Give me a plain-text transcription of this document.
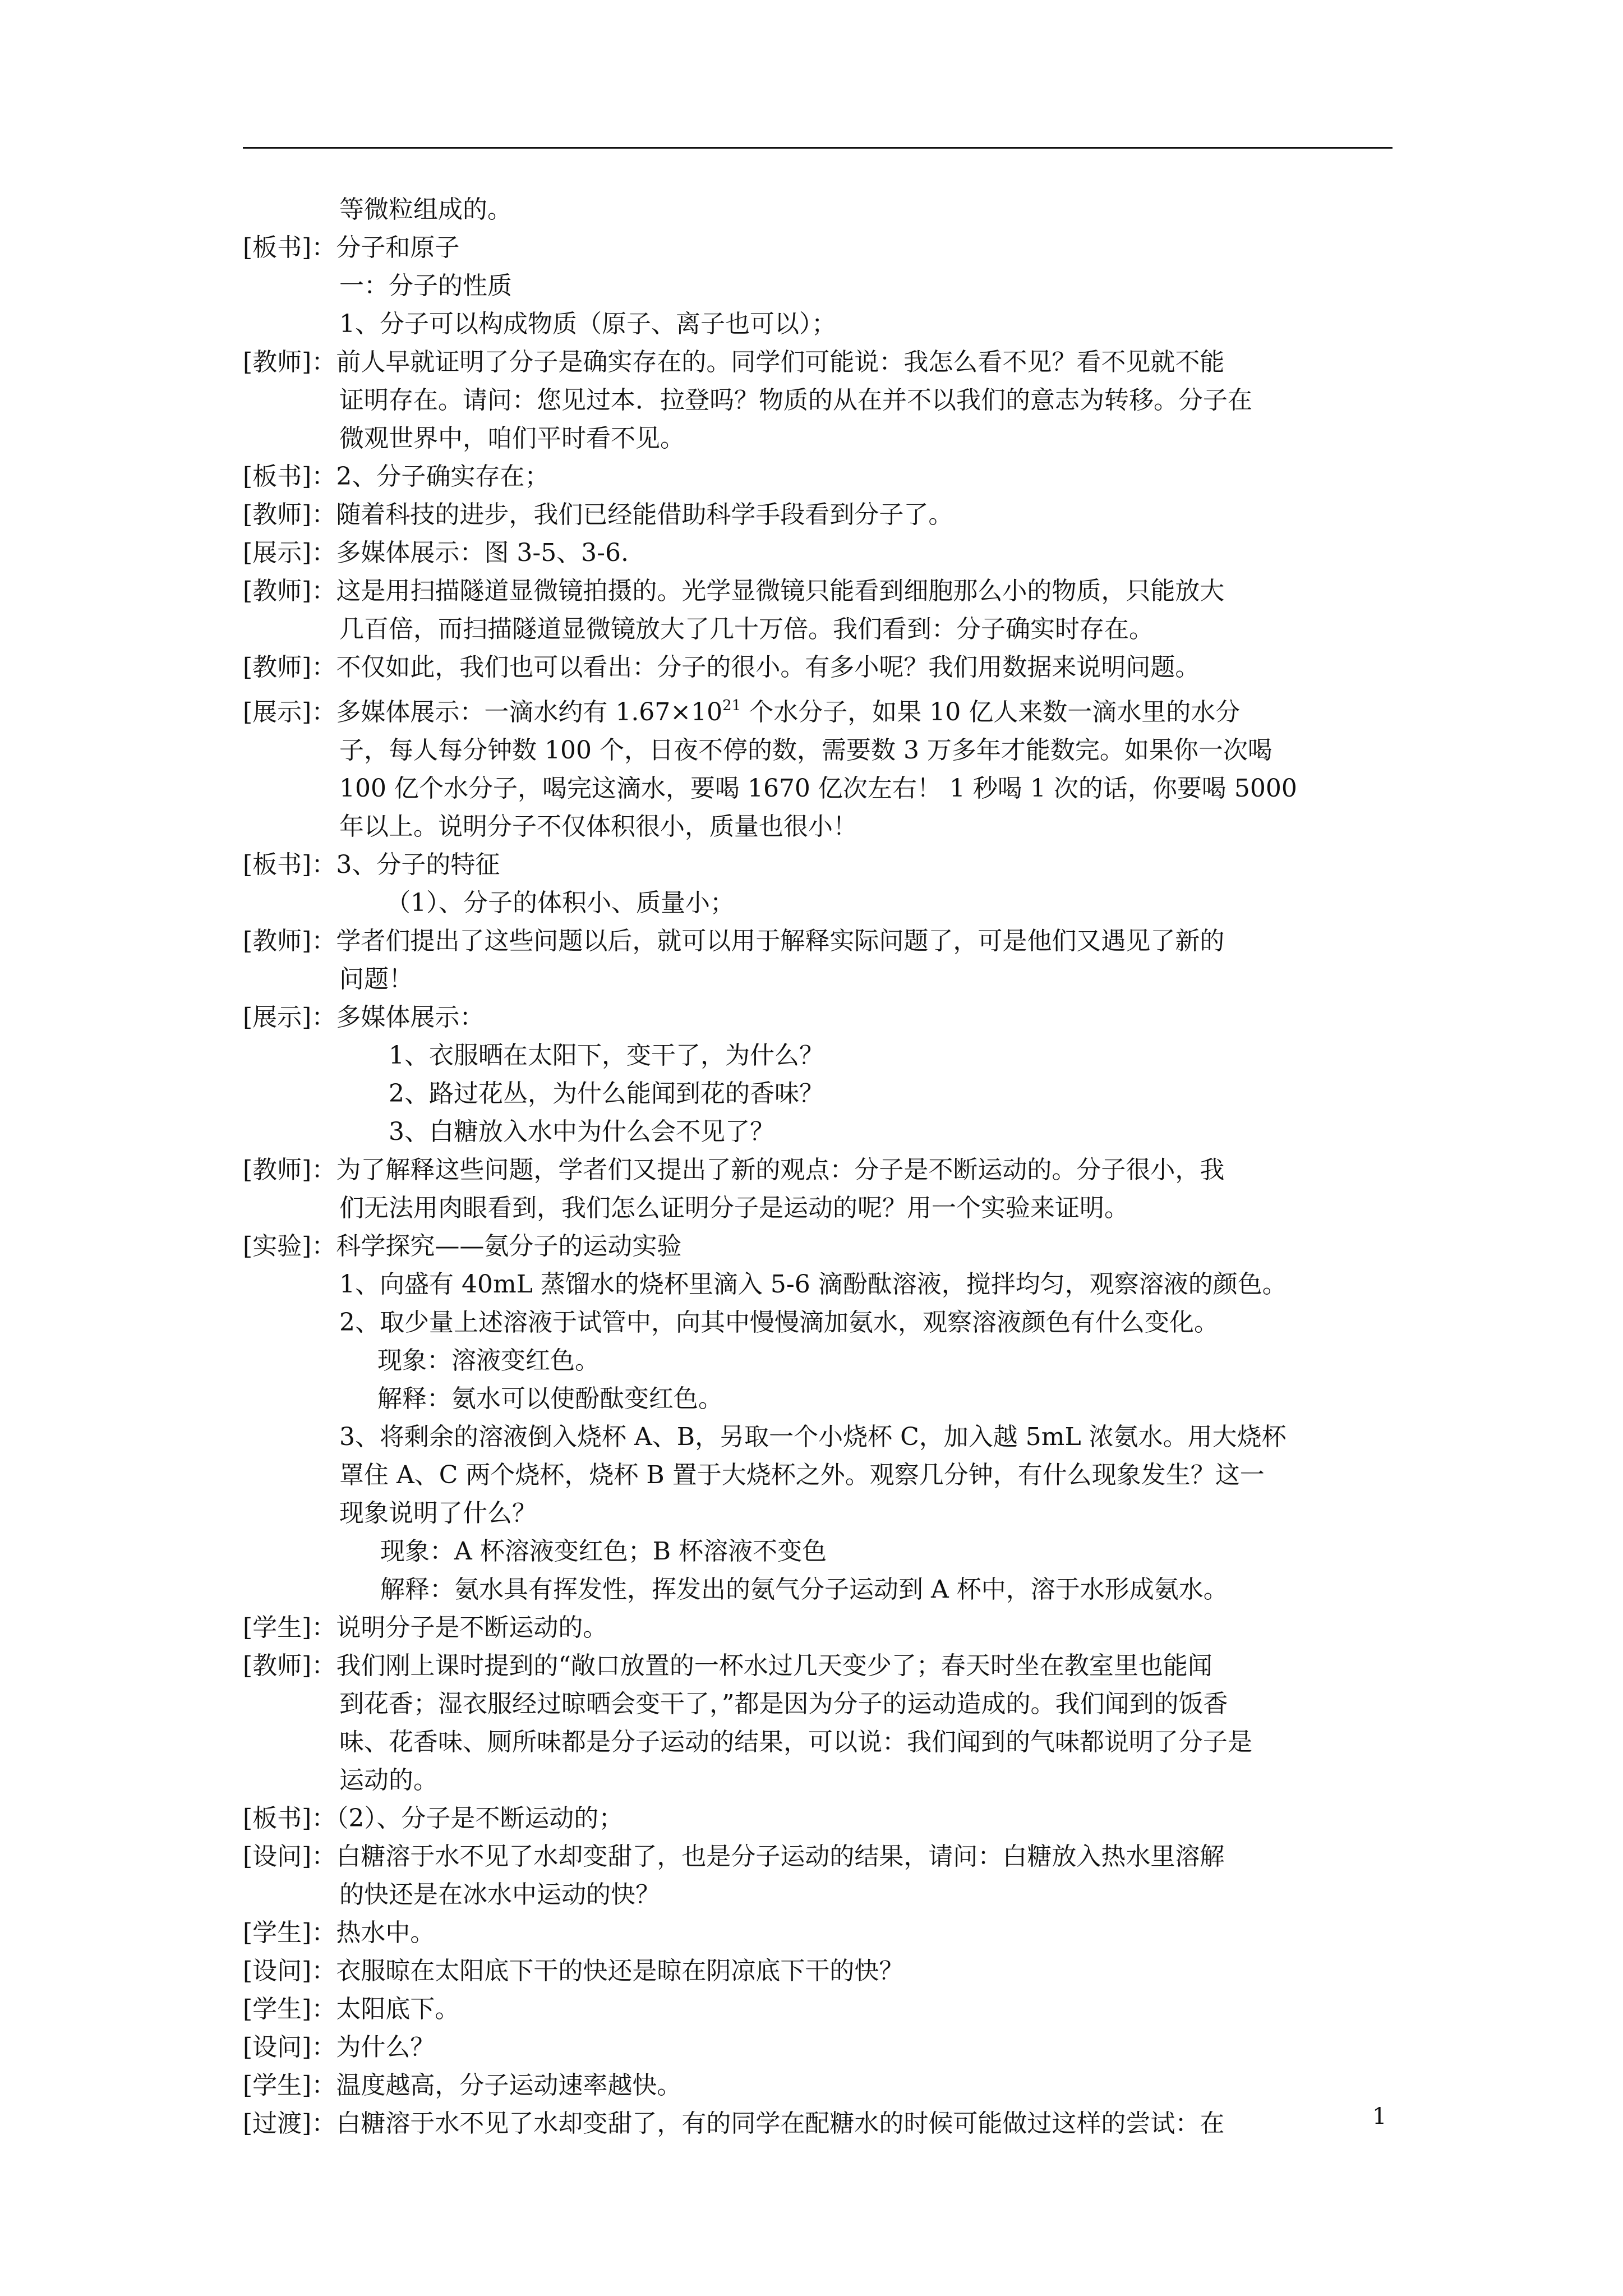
等微粒组成的。
[板书]：分子和原子
一：分子的性质
1、分子可以构成物质（原子、离子也可以）；
[教师]：前人早就证明了分子是确实存在的。同学们可能说：我怎么看不见？看不见就不能
证明存在。请问：您见过本．拉登吗？物质的从在并不以我们的意志为转移。分子在
微观世界中，咱们平时看不见。
[板书]：2、分子确实存在；
[教师]：随着科技的进步，我们已经能借助科学手段看到分子了。
[展示]：多媒体展示：图 3-5、3-6.
[教师]：这是用扫描隧道显微镜拍摄的。光学显微镜只能看到细胞那么小的物质，只能放大
几百倍，而扫描隧道显微镜放大了几十万倍。我们看到：分子确实时存在。
[教师]：不仅如此，我们也可以看出：分子的很小。有多小呢？我们用数据来说明问题。
[展示]：多媒体展示：一滴水约有 $1.67\times 10^{21}$ 个水分子，如果 10 亿人来数一滴水里的水分
子，每人每分钟数 100 个，日夜不停的数，需要数 3 万多年才能数完。如果你一次喝
100 亿个水分子，喝完这滴水，要喝 1670 亿次左右！ 1 秒喝 1 次的话，你要喝 5000
年以上。说明分子不仅体积很小，质量也很小！
[板书]：3、分子的特征
（1）、分子的体积小、质量小；
[教师]：学者们提出了这些问题以后，就可以用于解释实际问题了，可是他们又遇见了新的
问题！
[展示]：多媒体展示：
1、衣服晒在太阳下，变干了，为什么？
2、路过花丛，为什么能闻到花的香味？
3、白糖放入水中为什么会不见了？
[教师]：为了解释这些问题，学者们又提出了新的观点：分子是不断运动的。分子很小，我
们无法用肉眼看到，我们怎么证明分子是运动的呢？用一个实验来证明。
[实验]：科学探究——氨分子的运动实验
1、向盛有 40mL 蒸馏水的烧杯里滴入 5-6 滴酚酞溶液，搅拌均匀，观察溶液的颜色。
2、取少量上述溶液于试管中，向其中慢慢滴加氨水，观察溶液颜色有什么变化。
现象：溶液变红色。
解释：氨水可以使酚酞变红色。
3、将剩余的溶液倒入烧杯 A、B，另取一个小烧杯 C，加入越 5mL 浓氨水。用大烧杯
罩住 A、C 两个烧杯，烧杯 B 置于大烧杯之外。观察几分钟，有什么现象发生？这一
现象说明了什么？
现象：A 杯溶液变红色；B 杯溶液不变色
解释：氨水具有挥发性，挥发出的氨气分子运动到 A 杯中，溶于水形成氨水。
[学生]：说明分子是不断运动的。
[教师]：我们刚上课时提到的“敞口放置的一杯水过几天变少了；春天时坐在教室里也能闻
到花香；湿衣服经过晾晒会变干了，”都是因为分子的运动造成的。我们闻到的饭香
味、花香味、厕所味都是分子运动的结果，可以说：我们闻到的气味都说明了分子是
运动的。
[板书]：（2）、分子是不断运动的；
[设问]：白糖溶于水不见了水却变甜了，也是分子运动的结果，请问：白糖放入热水里溶解
的快还是在冰水中运动的快？
[学生]：热水中。
[设问]：衣服晾在太阳底下干的快还是晾在阴凉底下干的快？
[学生]：太阳底下。
[设问]：为什么？
[学生]：温度越高，分子运动速率越快。
[过渡]：白糖溶于水不见了水却变甜了，有的同学在配糖水的时候可能做过这样的尝试：在	1
